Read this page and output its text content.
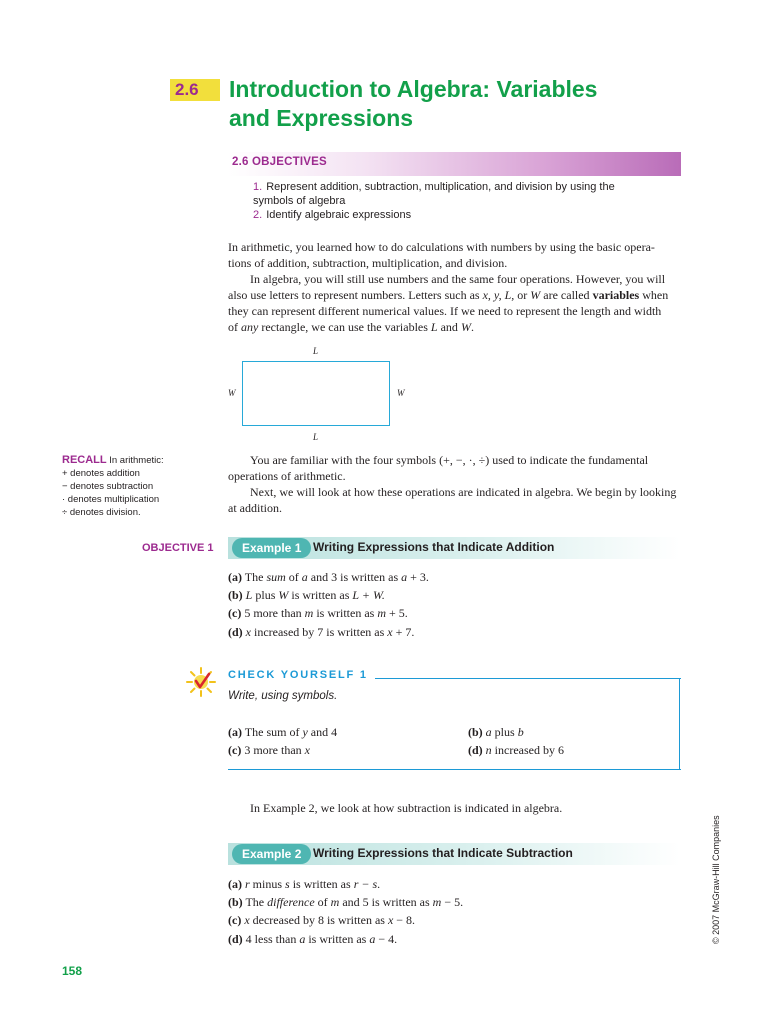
2.6	Introduction to Algebra: Variables
and Expressions
2.6 OBJECTIVES
1. Represent addition, subtraction, multiplication, and division by using the
symbols of algebra
2. Identify algebraic expressions
In arithmetic, you learned how to do calculations with numbers by using the basic opera-
tions of addition, subtraction, multiplication, and division.
In algebra, you will still use numbers and the same four operations. However, you will
also use letters to represent numbers. Letters such as x, y, L, or W are called variables when
they can represent different numerical values. If we need to represent the length and width
of any rectangle, we can use the variables L and W.
L
W	W
L
RECALL In arithmetic:
+ denotes addition
− denotes subtraction
· denotes multiplication
÷ denotes division.
You are familiar with the four symbols (+, −, ·, ÷) used to indicate the fundamental
operations of arithmetic.
Next, we will look at how these operations are indicated in algebra. We begin by looking
at addition.
OBJECTIVE 1	Example 1 Writing Expressions that Indicate Addition
(a) The sum of a and 3 is written as a + 3.
(b) L plus W is written as L + W.
(c) 5 more than m is written as m + 5.
(d) x increased by 7 is written as x + 7.
CHECK YOURSELF 1
Write, using symbols.
(a) The sum of y and 4	(b) a plus b
(c) 3 more than x	(d) n increased by 6
In Example 2, we look at how subtraction is indicated in algebra.
Example 2 Writing Expressions that Indicate Subtraction
(a) r minus s is written as r − s.
(b) The difference of m and 5 is written as m − 5.
(c) x decreased by 8 is written as x − 8.
(d) 4 less than a is written as a − 4.	© 2007 McGraw-Hill Companies
158
